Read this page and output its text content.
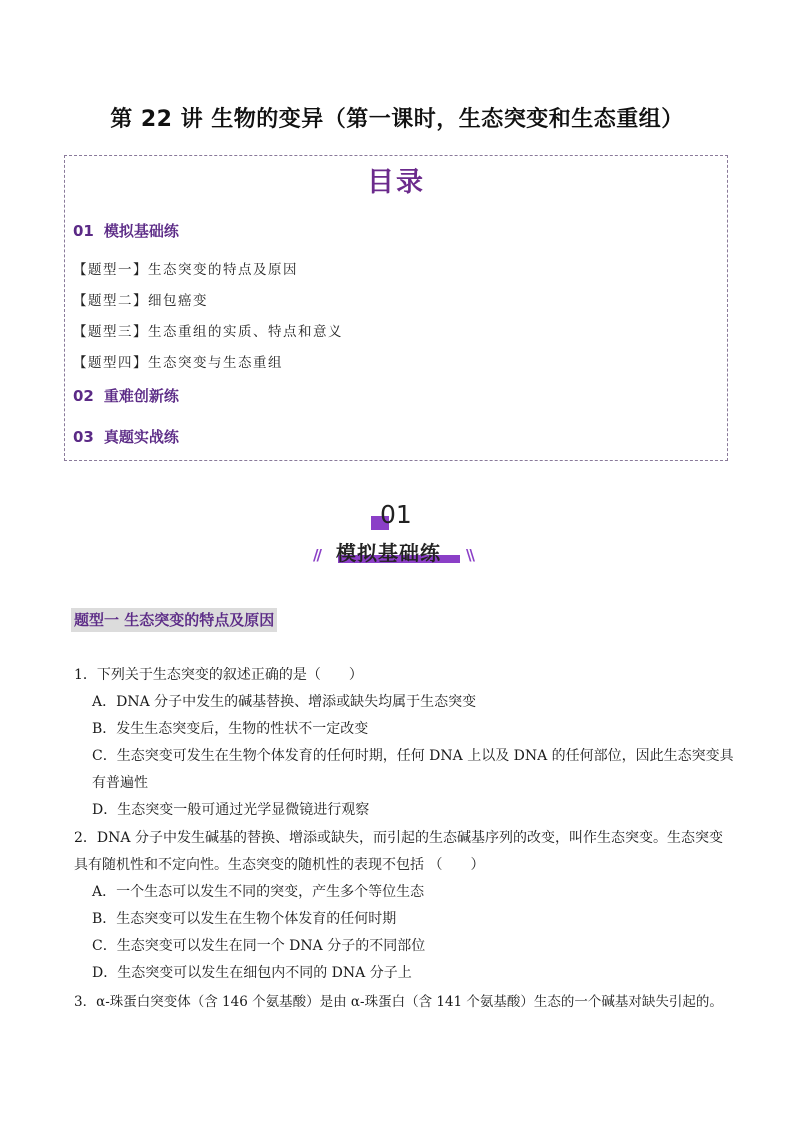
第 22 讲 生物的变异（第一课时，生态突变和生态重组）
目录
01 模拟基础练
【题型一】生态突变的特点及原因
【题型二】细包癌变
【题型三】生态重组的实质、特点和意义
【题型四】生态突变与生态重组
02 重难创新练
03 真题实战练
01
// 模拟基础练 \\
题型一 生态突变的特点及原因
1．下列关于生态突变的叙述正确的是（　　）
A．DNA 分子中发生的碱基替换、增添或缺失均属于生态突变
B．发生生态突变后，生物的性状不一定改变
C．生态突变可发生在生物个体发育的任何时期，任何 DNA 上以及 DNA 的任何部位，因此生态突变具
有普遍性
D．生态突变一般可通过光学显微镜进行观察
2．DNA 分子中发生碱基的替换、增添或缺失，而引起的生态碱基序列的改变，叫作生态突变。生态突变
具有随机性和不定向性。生态突变的随机性的表现不包括 （　　）
A．一个生态可以发生不同的突变，产生多个等位生态
B．生态突变可以发生在生物个体发育的任何时期
C．生态突变可以发生在同一个 DNA 分子的不同部位
D．生态突变可以发生在细包内不同的 DNA 分子上
3．α-珠蛋白突变体（含 146 个氨基酸）是由 α-珠蛋白（含 141 个氨基酸）生态的一个碱基对缺失引起的。
